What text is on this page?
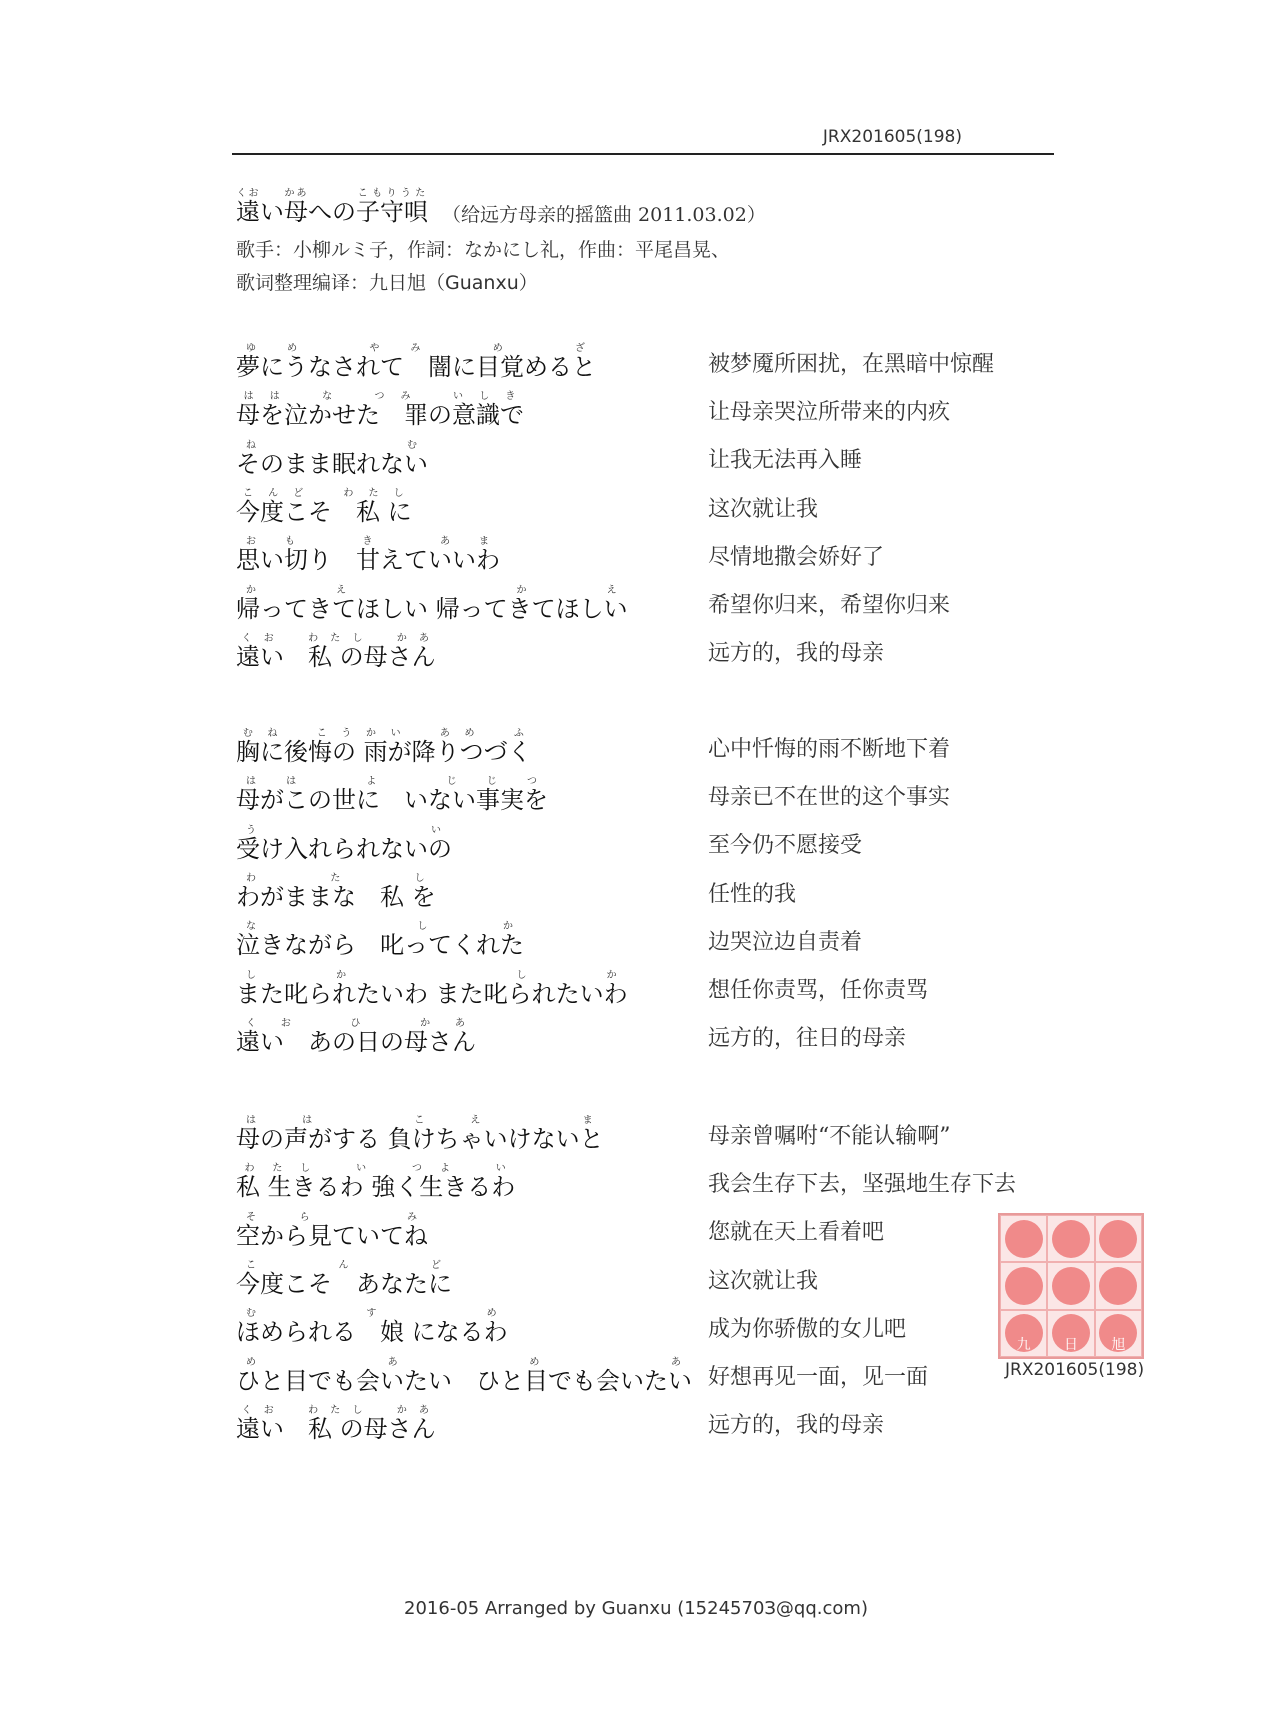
JRX201605(198)
遠くおい母かあへの子守唄こもりうた
（给远方母亲的摇篮曲 2011.03.02）
歌手：小柳ルミ子，作詞：なかにし礼，作曲：平尾昌晃、
歌词整理编译：九日旭（Guanxu）
夢にうなされて　闇に目覚めるとゆめ　やみ　め　ざ
被梦魇所困扰，在黑暗中惊醒
母を泣かせた　罪の意識ではは　な　つみ　いしき
让母亲哭泣所带来的内疚
そのまま眠れないねむ
让我无法再入睡
今度こそ　私 にこんど　わたし
这次就让我
思い切り　甘えていいわおも　き　あま
尽情地撒会娇好了
帰ってきてほしい 帰ってきてほしいかえ　かえ
希望你归来，希望你归来
遠い　私 の母さんくお　わたし　かあ
远方的，我的母亲
胸に後悔の 雨が降りつづくむね　こうかい　あめ　ふ
心中忏悔的雨不断地下着
母がこの世に　いない事実をはは　よ　じじつ
母亲已不在世的这个事实
受け入れられないのう　い
至今仍不愿接受
わがままな　私 をわたし
任性的我
泣きながら　叱ってくれたな　しか
边哭泣边自责着
また叱られたいわ また叱られたいわしか　しか
想任你责骂，任你责骂
遠い　あの日の母さんくお　ひ　かあ
远方的，往日的母亲
母の声がする 負けちゃいけないとはは　こえ　ま
母亲曾嘱咐“不能认输啊”
私 生きるわ 強く生きるわわたし　い　つよ　い
我会生存下去，坚强地生存下去
空から見ていてねそら　み
您就在天上看着吧
今度こそ　あなたにこんど
这次就让我
ほめられる　娘 になるわむすめ
成为你骄傲的女儿吧
ひと目でも会いたい　ひと目でも会いたいめ　あ　め　あ
好想再见一面，见一面
遠い　私 の母さんくお　わたし　かあ
远方的，我的母亲
九 日 旭
JRX201605(198)
2016-05 Arranged by Guanxu (1524570З@qq.com)
